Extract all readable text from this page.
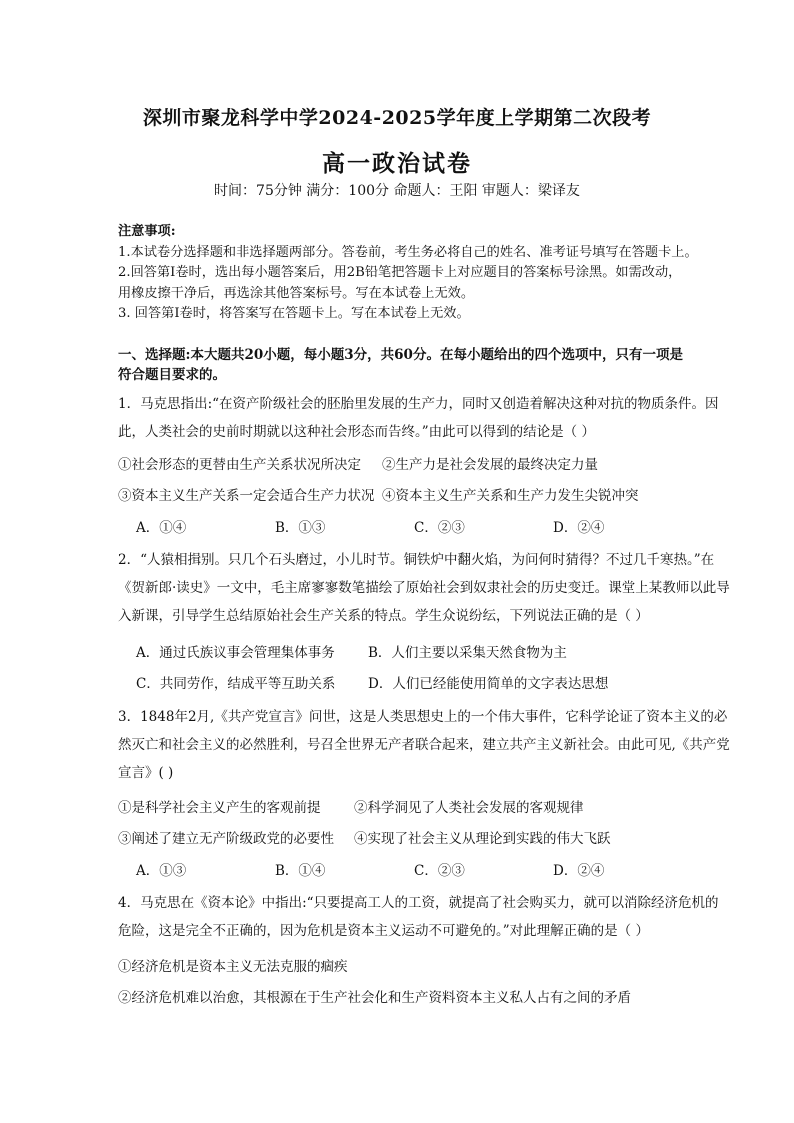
深圳市聚龙科学中学2024-2025学年度上学期第二次段考
高一政治试卷
时间：75分钟 满分：100分 命题人：王阳 审题人：梁译友
注意事项:
1.本试卷分选择题和非选择题两部分。答卷前，考生务必将自己的姓名、准考证号填写在答题卡上。
2.回答第Ⅰ卷时，选出每小题答案后，用2B铅笔把答题卡上对应题目的答案标号涂黑。如需改动，
用橡皮擦干净后，再选涂其他答案标号。写在本试卷上无效。
3. 回答第Ⅰ卷时，将答案写在答题卡上。写在本试卷上无效。
一、选择题:本大题共20小题，每小题3分，共60分。在每小题给出的四个选项中，只有一项是
符合题目要求的。
1．马克思指出:“在资产阶级社会的胚胎里发展的生产力，同时又创造着解决这种对抗的物质条件。因
此，人类社会的史前时期就以这种社会形态而告终。”由此可以得到的结论是（ ）
①社会形态的更替由生产关系状况所决定 ②生产力是社会发展的最终决定力量
③资本主义生产关系一定会适合生产力状况 ④资本主义生产关系和生产力发生尖锐冲突
A．①④	B．①③	C．②③	D．②④
2．“人猿相揖别。只几个石头磨过，小儿时节。铜铁炉中翻火焰，为问何时猜得？不过几千寒热。”在
《贺新郎·读史》一文中，毛主席寥寥数笔描绘了原始社会到奴隶社会的历史变迁。课堂上某教师以此导
入新课，引导学生总结原始社会生产关系的特点。学生众说纷纭，下列说法正确的是（ ）
A．通过氏族议事会管理集体事务 B．人们主要以采集天然食物为主
C．共同劳作，结成平等互助关系 D．人们已经能使用简单的文字表达思想
3．1848年2月,《共产党宣言》问世，这是人类思想史上的一个伟大事件，它科学论证了资本主义的必
然灭亡和社会主义的必然胜利，号召全世界无产者联合起来，建立共产主义新社会。由此可见,《共产党
宣言》( )
①是科学社会主义产生的客观前提 ②科学洞见了人类社会发展的客观规律
③阐述了建立无产阶级政党的必要性 ④实现了社会主义从理论到实践的伟大飞跃
A．①③	B．①④	C．②③	D．②④
4．马克思在《资本论》中指出:“只要提高工人的工资，就提高了社会购买力，就可以消除经济危机的
危险，这是完全不正确的，因为危机是资本主义运动不可避免的。”对此理解正确的是（ ）
①经济危机是资本主义无法克服的痼疾
②经济危机难以治愈，其根源在于生产社会化和生产资料资本主义私人占有之间的矛盾
